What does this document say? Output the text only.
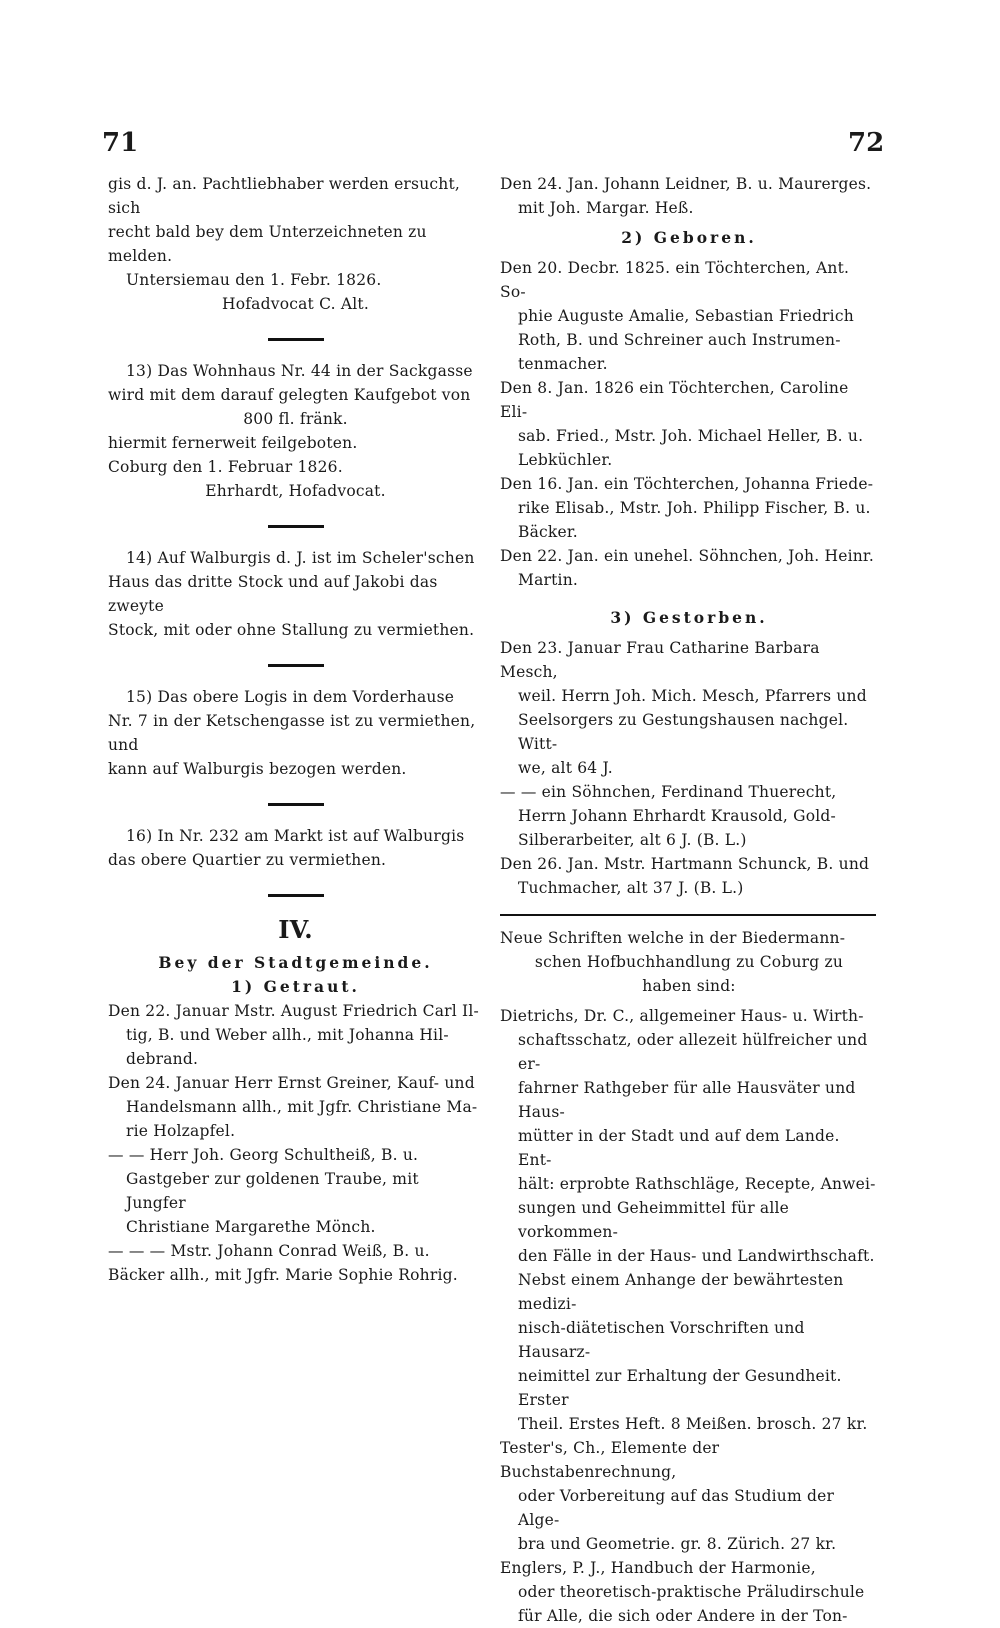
71	72

gis d. J. an. Pachtliebhaber werden ersucht, sich

recht bald bey dem Unterzeichneten zu melden.

Untersiemau den 1. Febr. 1826.

Hofadvocat C. Alt.

13) Das Wohnhaus Nr. 44 in der Sackgasse

wird mit dem darauf gelegten Kaufgebot von

800 fl. fränk.

hiermit fernerweit feilgeboten.

Coburg den 1. Februar 1826.

Ehrhardt, Hofadvocat.

14) Auf Walburgis d. J. ist im Scheler'schen

Haus das dritte Stock und auf Jakobi das zweyte

Stock, mit oder ohne Stallung zu vermiethen.

15) Das obere Logis in dem Vorderhause

Nr. 7 in der Ketschengasse ist zu vermiethen, und

kann auf Walburgis bezogen werden.

16) In Nr. 232 am Markt ist auf Walburgis

das obere Quartier zu vermiethen.

IV.

Bey der Stadtgemeinde.

1) Getraut.

Den 22. Januar Mstr. August Friedrich Carl Il-

tig, B. und Weber allh., mit Johanna Hil-

debrand.

Den 24. Januar Herr Ernst Greiner, Kauf- und

Handelsmann allh., mit Jgfr. Christiane Ma-

rie Holzapfel.

— — Herr Joh. Georg Schultheiß, B. u.

Gastgeber zur goldenen Traube, mit Jungfer

Christiane Margarethe Mönch.

— — — Mstr. Johann Conrad Weiß, B. u.

Bäcker allh., mit Jgfr. Marie Sophie Rohrig.

Den 24. Jan. Johann Leidner, B. u. Maurerges.

mit Joh. Margar. Heß.

2) Geboren.

Den 20. Decbr. 1825. ein Töchterchen, Ant. So-

phie Auguste Amalie, Sebastian Friedrich

Roth, B. und Schreiner auch Instrumen-

tenmacher.

Den 8. Jan. 1826 ein Töchterchen, Caroline Eli-

sab. Fried., Mstr. Joh. Michael Heller, B. u.

Lebküchler.

Den 16. Jan. ein Töchterchen, Johanna Friede-

rike Elisab., Mstr. Joh. Philipp Fischer, B. u.

Bäcker.

Den 22. Jan. ein unehel. Söhnchen, Joh. Heinr.

Martin.

3) Gestorben.

Den 23. Januar Frau Catharine Barbara Mesch,

weil. Herrn Joh. Mich. Mesch, Pfarrers und

Seelsorgers zu Gestungshausen nachgel. Witt-

we, alt 64 J.

— — ein Söhnchen, Ferdinand Thuerecht,

Herrn Johann Ehrhardt Krausold, Gold-

Silberarbeiter, alt 6 J. (B. L.)

Den 26. Jan. Mstr. Hartmann Schunck, B. und

Tuchmacher, alt 37 J. (B. L.)

Neue Schriften welche in der Biedermann-

schen Hofbuchhandlung zu Coburg zu

haben sind:

Dietrichs, Dr. C., allgemeiner Haus- u. Wirth-

schaftsschatz, oder allezeit hülfreicher und er-

fahrner Rathgeber für alle Hausväter und Haus-

mütter in der Stadt und auf dem Lande. Ent-

hält: erprobte Rathschläge, Recepte, Anwei-

sungen und Geheimmittel für alle vorkommen-

den Fälle in der Haus- und Landwirthschaft.

Nebst einem Anhange der bewährtesten medizi-

nisch-diätetischen Vorschriften und Hausarz-

neimittel zur Erhaltung der Gesundheit. Erster

Theil. Erstes Heft. 8 Meißen. brosch. 27 kr.

Tester's, Ch., Elemente der Buchstabenrechnung,

oder Vorbereitung auf das Studium der Alge-

bra und Geometrie. gr. 8. Zürich. 27 kr.

Englers, P. J., Handbuch der Harmonie,

oder theoretisch-praktische Präludirschule

für Alle, die sich oder Andere in der Ton-
